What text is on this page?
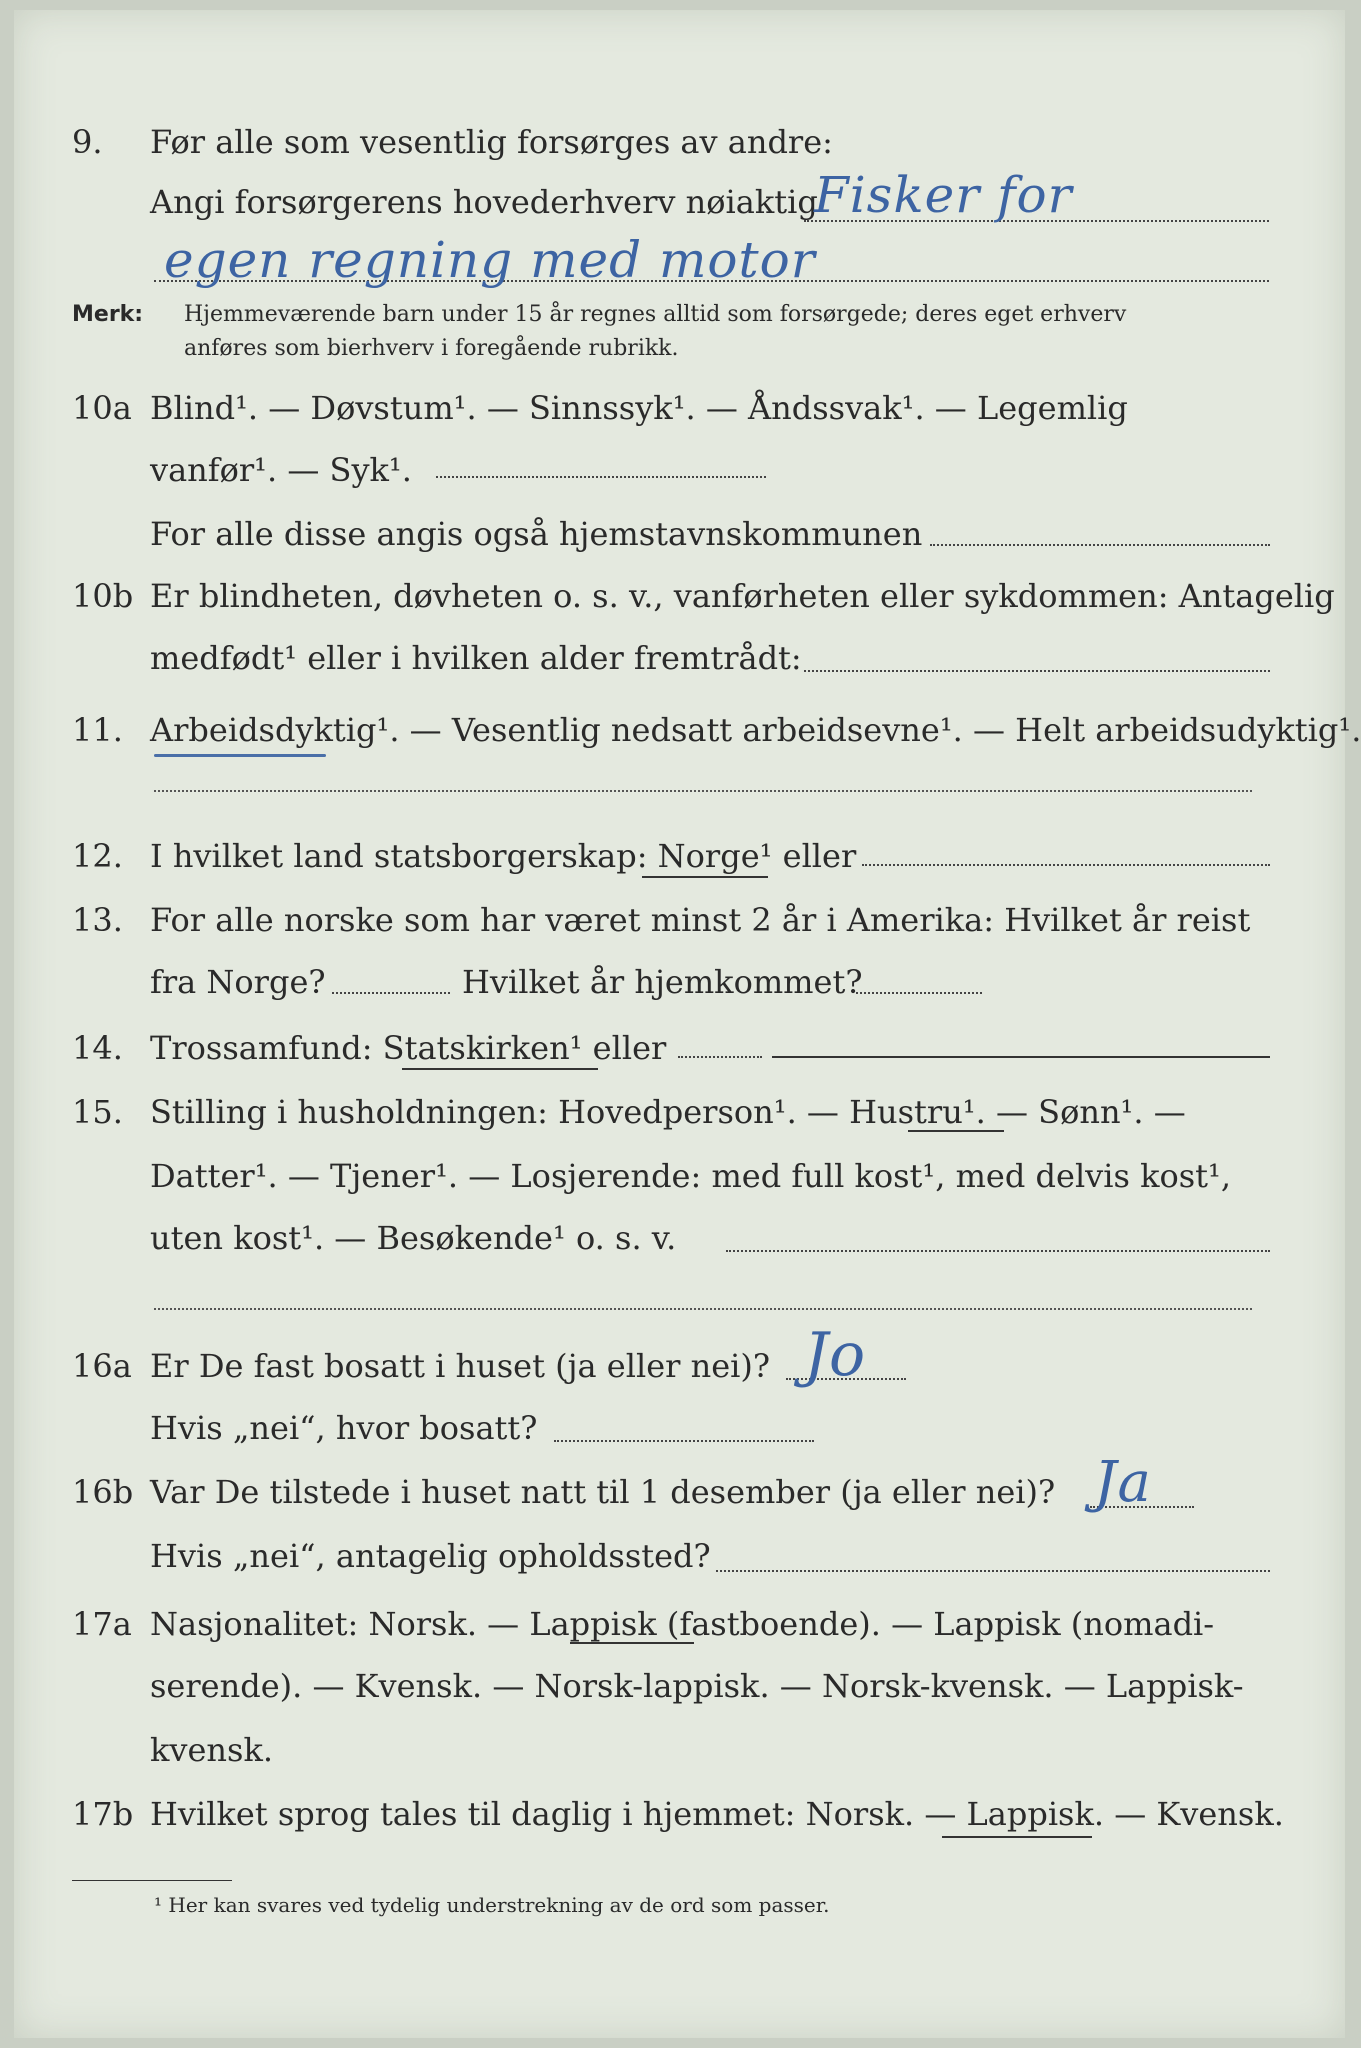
9.	Før alle som vesentlig forsørges av andre:
Angi forsørgerens hovederhverv nøiaktig
Fisker for
egen regning med motor
Merk: Hjemmeværende barn under 15 år regnes alltid som forsørgede; deres eget erhverv
anføres som bierhverv i foregående rubrikk.
10a Blind¹. — Døvstum¹. — Sinnssyk¹. — Åndssvak¹. — Legemlig
vanfør¹. — Syk¹.
For alle disse angis også hjemstavnskommunen
10b Er blindheten, døvheten o. s. v., vanførheten eller sykdommen: Antagelig
medfødt¹ eller i hvilken alder fremtrådt:
11. Arbeidsdyktig¹. — Vesentlig nedsatt arbeidsevne¹. — Helt arbeidsudyktig¹.
12. I hvilket land statsborgerskap: Norge¹ eller
13. For alle norske som har været minst 2 år i Amerika: Hvilket år reist
fra Norge?	Hvilket år hjemkommet?
14. Trossamfund: Statskirken¹ eller
15. Stilling i husholdningen: Hovedperson¹. — Hustru¹. — Sønn¹. —
Datter¹. — Tjener¹. — Losjerende: med full kost¹, med delvis kost¹,
uten kost¹. — Besøkende¹ o. s. v.
16a Er De fast bosatt i huset (ja eller nei)? Jo
Hvis „nei“, hvor bosatt?
16b Var De tilstede i huset natt til 1 desember (ja eller nei)? Ja
Hvis „nei“, antagelig opholdssted?
17a Nasjonalitet: Norsk. — Lappisk (fastboende). — Lappisk (nomadi-
serende). — Kvensk. — Norsk-lappisk. — Norsk-kvensk. — Lappisk-
kvensk.
17b Hvilket sprog tales til daglig i hjemmet: Norsk. — Lappisk. — Kvensk.
¹ Her kan svares ved tydelig understrekning av de ord som passer.
